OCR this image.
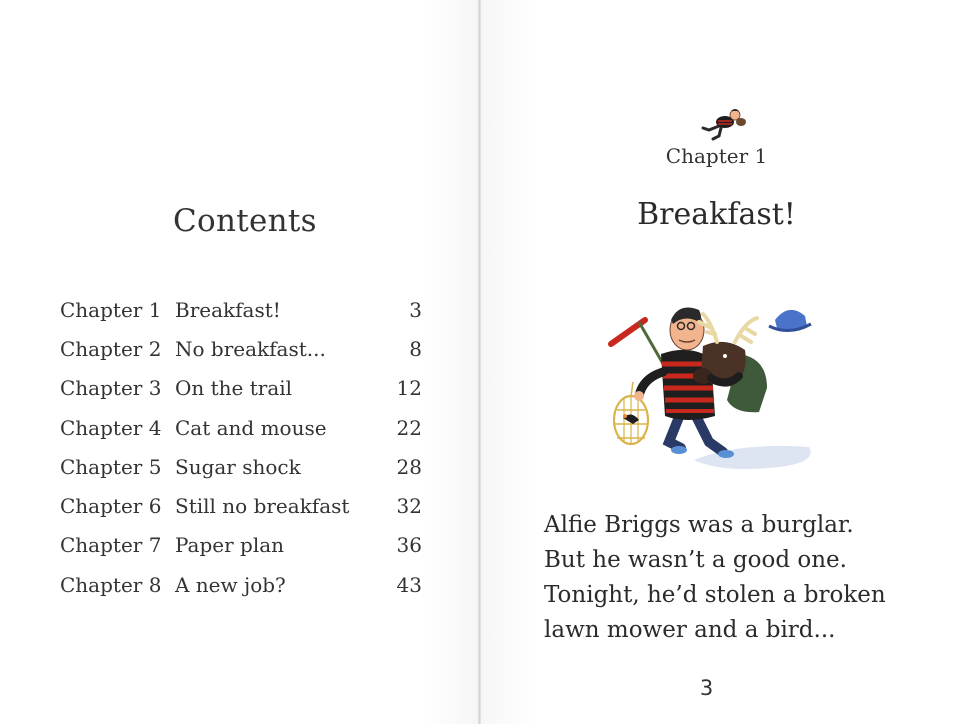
Contents
Chapter 1 Breakfast!	3
Chapter 2 No breakfast...	8
Chapter 3 On the trail	12
Chapter 4 Cat and mouse	22
Chapter 5 Sugar shock	28
Chapter 6 Still no breakfast	32
Chapter 7 Paper plan	36
Chapter 8 A new job?	43
Chapter 1
Breakfast!

Alfie Briggs was a burglar.
But he wasn’t a good one.
Tonight, he’d stolen a broken
lawn mower and a bird...

3
